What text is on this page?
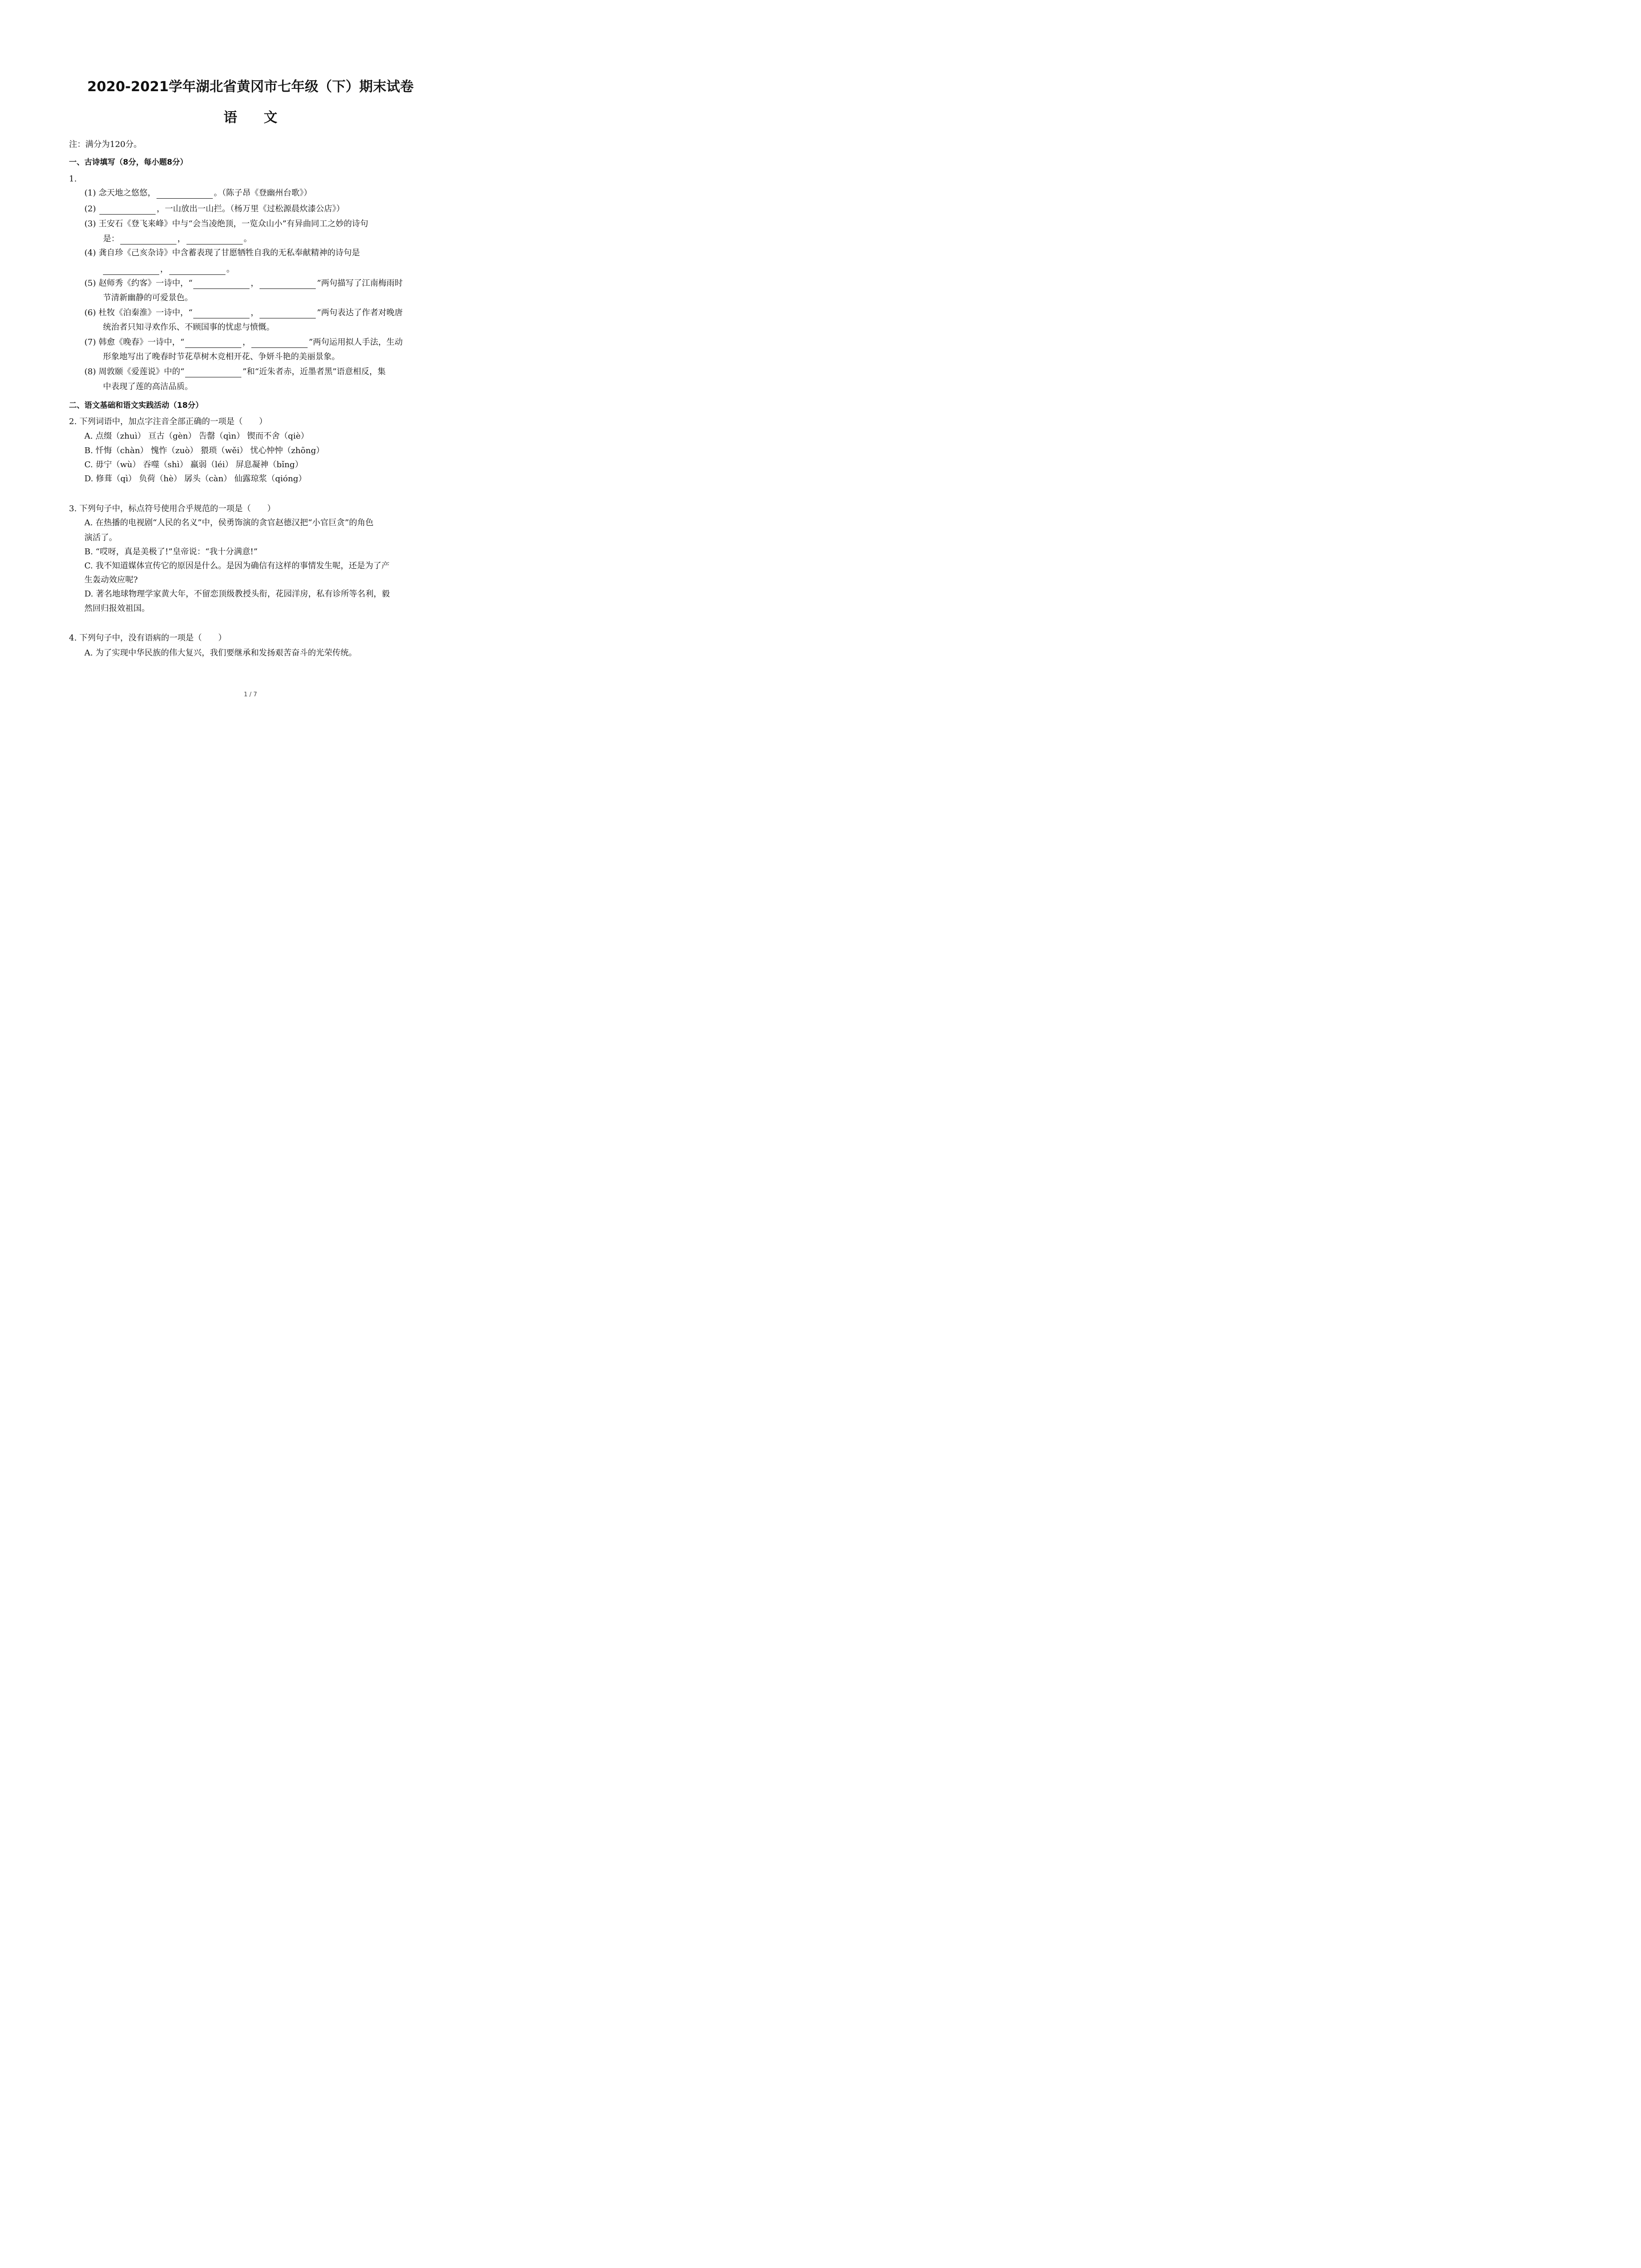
2020-2021学年湖北省黄冈市七年级（下）期末试卷
语 文
注：满分为120分。
一、古诗填写（8分，每小题8分）
1.
(1) 念天地之悠悠，	。（陈子昂《登幽州台歌》）
(2)	，一山放出一山拦。（杨万里《过松源晨炊漆公店》）
(3) 王安石《登飞来峰》中与“会当凌绝顶，一览众山小”有异曲同工之妙的诗句
是：	，	。
(4) 龚自珍《己亥杂诗》中含蓄表现了甘愿牺牲自我的无私奉献精神的诗句是
，	。
(5) 赵师秀《约客》一诗中，“	，	”两句描写了江南梅雨时
节清新幽静的可爱景色。
(6) 杜牧《泊秦淮》一诗中，“	，	”两句表达了作者对晚唐
统治者只知寻欢作乐、不顾国事的忧虑与愤慨。
(7) 韩愈《晚春》一诗中，“	，	”两句运用拟人手法，生动
形象地写出了晚春时节花草树木竞相开花、争妍斗艳的美丽景象。
(8) 周敦颐《爱莲说》中的“	”和“近朱者赤，近墨者黑”语意相反，集
中表现了莲的高洁品质。
二、语文基础和语文实践活动（18分）
2. 下列词语中，加点字注音全部正确的一项是（　　）
A. 点缀（zhuì） 亘古（gèn） 告罄（qìn） 锲而不舍（qiè）
B. 忏悔（chàn） 愧怍（zuò） 猥琐（wěi） 忧心忡忡（zhōng）
C. 毋宁（wù） 吞噬（shì） 羸弱（léi） 屏息凝神（bǐng）
D. 修葺（qì） 负荷（hè） 孱头（càn） 仙露琼浆（qióng）
3. 下列句子中，标点符号使用合乎规范的一项是（　　）
A. 在热播的电视剧“人民的名义”中，侯勇饰演的贪官赵德汉把“小官巨贪”的角色
演活了。
B. “哎呀，真是美极了!”皇帝说：“我十分满意!”
C. 我不知道媒体宣传它的原因是什么。是因为确信有这样的事情发生呢，还是为了产
生轰动效应呢?
D. 著名地球物理学家黄大年，不留恋顶级教授头衔，花园洋房，私有诊所等名利，毅
然回归报效祖国。
4. 下列句子中，没有语病的一项是（　　）
A. 为了实现中华民族的伟大复兴，我们要继承和发扬艰苦奋斗的光荣传统。
1 / 7
